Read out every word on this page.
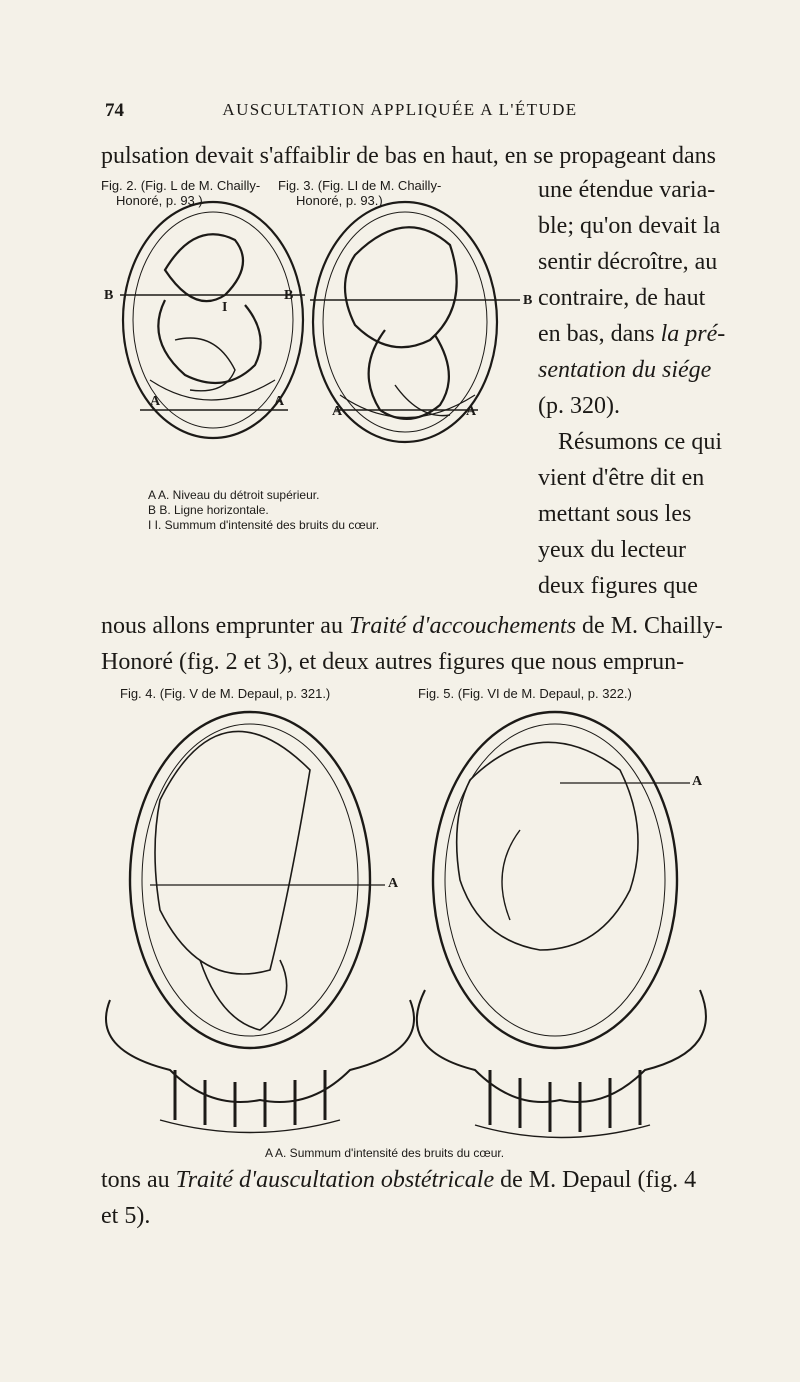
74	AUSCULTATION APPLIQUÉE A L'ÉTUDE
pulsation devait s'affaiblir de bas en haut, en se propageant dans
Fig. 2. (Fig. L de M. Chailly-
Honoré, p. 93.)
Fig. 3. (Fig. LI de M. Chailly-
Honoré, p. 93.)	une étendue varia-
ble; qu'on devait la
sentir décroître, au
contraire, de haut
en bas, dans la pré-
sentation du siége
(p. 320).
Résumons ce qui
vient d'être dit en
mettant sous les
yeux du lecteur
deux figures que
B	B	B
A	A
A	A
I
A A. Niveau du détroit supérieur.
B B. Ligne horizontale.
I I. Summum d'intensité des bruits du cœur.
nous allons emprunter au Traité d'accouchements de M. Chailly-
Honoré (fig. 2 et 3), et deux autres figures que nous emprun-
Fig. 4. (Fig. V de M. Depaul, p. 321.)	Fig. 5. (Fig. VI de M. Depaul, p. 322.)
A
A
A A. Summum d'intensité des bruits du cœur.
tons au Traité d'auscultation obstétricale de M. Depaul (fig. 4
et 5).
